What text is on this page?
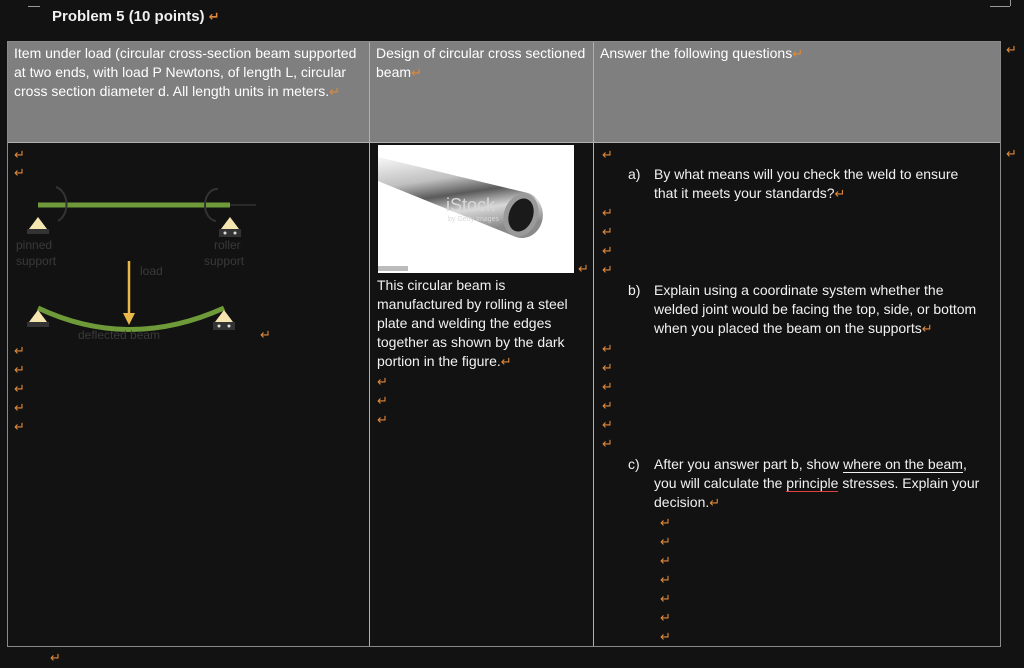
Problem 5 (10 points) ↵
Item under load (circular cross-section beam supported at two ends, with load P Newtons, of length L, circular cross section diameter d. All length units in meters.↵
Design of circular cross sectioned beam↵
Answer the following questions↵
↵
↵
pinned
support
roller
support
load
deflected beam	↵
↵
↵
↵
↵
↵
iStock
by Getty Images
↵
This circular beam is manufactured by rolling a steel plate and welding the edges together as shown by the dark portion in the figure.↵
↵
↵
↵
↵
a) By what means will you check the weld to ensure that it meets your standards?↵
↵
↵
↵
↵
b) Explain using a coordinate system whether the welded joint would be facing the top, side, or bottom when you placed the beam on the supports↵
↵
↵
↵
↵
↵
↵
c) After you answer part b, show where on the beam, you will calculate the principle stresses. Explain your decision.↵
↵
↵
↵
↵
↵
↵
↵
↵
↵
↵
